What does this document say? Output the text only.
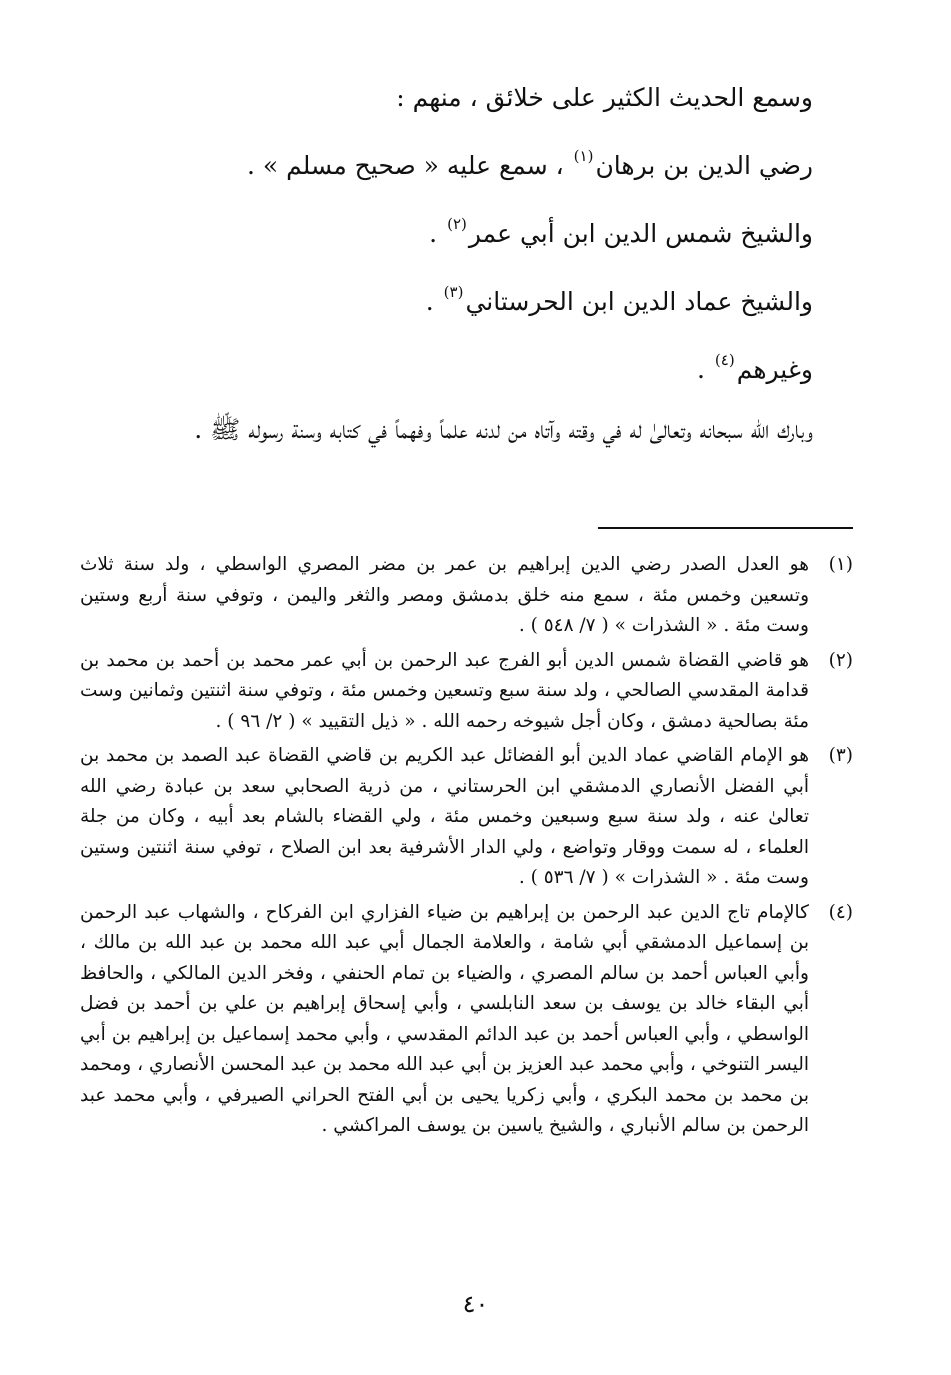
وسمع الحديث الكثير على خلائق ، منهم :

رضي الدين بن برهان$^{(١)}$ ، سمع عليه « صحيح مسلم » .

والشيخ شمس الدين ابن أبي عمر$^{(٢)}$ .

والشيخ عماد الدين ابن الحرستاني$^{(٣)}$ .

وغيرهم$^{(٤)}$ .

وبارك الله سبحانه وتعالىٰ له في وقته وآتاه من لدنه علماً وفهماً في كتابه وسنة رسوله ﷺ .

(١)
هو العدل الصدر رضي الدين إبراهيم بن عمر بن مضر المصري الواسطي ، ولد سنة ثلاث وتسعين وخمس مئة ، سمع منه خلق بدمشق ومصر والثغر واليمن ، وتوفي سنة أربع وستين وست مئة . « الشذرات » ( ٧/ ٥٤٨ ) .
(٢)
هو قاضي القضاة شمس الدين أبو الفرج عبد الرحمن بن أبي عمر محمد بن أحمد بن محمد بن قدامة المقدسي الصالحي ، ولد سنة سبع وتسعين وخمس مئة ، وتوفي سنة اثنتين وثمانين وست مئة بصالحية دمشق ، وكان أجل شيوخه رحمه الله . « ذيل التقييد » ( ٢/ ٩٦ ) .
(٣)
هو الإمام القاضي عماد الدين أبو الفضائل عبد الكريم بن قاضي القضاة عبد الصمد بن محمد بن أبي الفضل الأنصاري الدمشقي ابن الحرستاني ، من ذرية الصحابي سعد بن عبادة رضي الله تعالىٰ عنه ، ولد سنة سبع وسبعين وخمس مئة ، ولي القضاء بالشام بعد أبيه ، وكان من جلة العلماء ، له سمت ووقار وتواضع ، ولي الدار الأشرفية بعد ابن الصلاح ، توفي سنة اثنتين وستين وست مئة . « الشذرات » ( ٧/ ٥٣٦ ) .
(٤)
كالإمام تاج الدين عبد الرحمن بن إبراهيم بن ضياء الفزاري ابن الفركاح ، والشهاب عبد الرحمن بن إسماعيل الدمشقي أبي شامة ، والعلامة الجمال أبي عبد الله محمد بن عبد الله بن مالك ، وأبي العباس أحمد بن سالم المصري ، والضياء بن تمام الحنفي ، وفخر الدين المالكي ، والحافظ أبي البقاء خالد بن يوسف بن سعد النابلسي ، وأبي إسحاق إبراهيم بن علي بن أحمد بن فضل الواسطي ، وأبي العباس أحمد بن عبد الدائم المقدسي ، وأبي محمد إسماعيل بن إبراهيم بن أبي اليسر التنوخي ، وأبي محمد عبد العزيز بن أبي عبد الله محمد بن عبد المحسن الأنصاري ، ومحمد بن محمد بن محمد البكري ، وأبي زكريا يحيى بن أبي الفتح الحراني الصيرفي ، وأبي محمد عبد الرحمن بن سالم الأنباري ، والشيخ ياسين بن يوسف المراكشي .
٤٠
